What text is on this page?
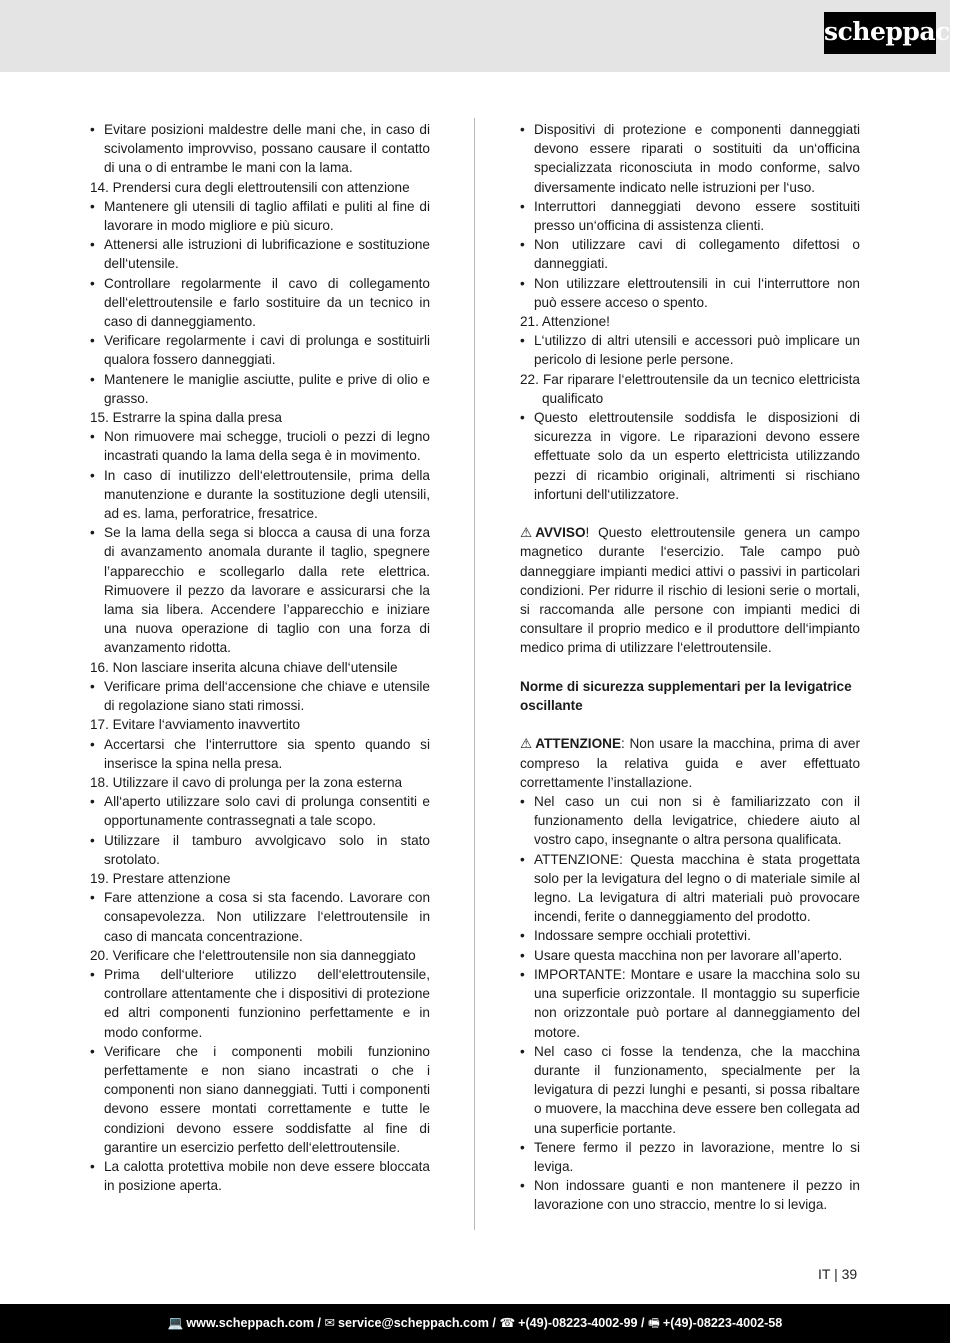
scheppach

• Evitare posizioni maldestre delle mani che, in caso di scivolamento improvviso, possano causare il contatto di una o di entrambe le mani con la lama.

14. Prendersi cura degli elettroutensili con attenzione

• Mantenere gli utensili di taglio affilati e puliti al fine di lavorare in modo migliore e più sicuro.

• Attenersi alle istruzioni di lubrificazione e sostituzione dell‘utensile.

• Controllare regolarmente il cavo di collegamento dell‘elettroutensile e farlo sostituire da un tecnico in caso di danneggiamento.

• Verificare regolarmente i cavi di prolunga e sostituirli qualora fossero danneggiati.

• Mantenere le maniglie asciutte, pulite e prive di olio e grasso.

15. Estrarre la spina dalla presa

• Non rimuovere mai schegge, trucioli o pezzi di legno incastrati quando la lama della sega è in movimento.

• In caso di inutilizzo dell‘elettroutensile, prima della manutenzione e durante la sostituzione degli utensili, ad es. lama, perforatrice, fresatrice.

• Se la lama della sega si blocca a causa di una forza di avanzamento anomala durante il taglio, spegnere l’apparecchio e scollegarlo dalla rete elettrica. Rimuovere il pezzo da lavorare e assicurarsi che la lama sia libera. Accendere l’apparecchio e iniziare una nuova operazione di taglio con una forza di avanzamento ridotta.

16. Non lasciare inserita alcuna chiave dell‘utensile

• Verificare prima dell‘accensione che chiave e utensile di regolazione siano stati rimossi.

17. Evitare l‘avviamento inavvertito

• Accertarsi che l‘interruttore sia spento quando si inserisce la spina nella presa.

18. Utilizzare il cavo di prolunga per la zona esterna

• All‘aperto utilizzare solo cavi di prolunga consentiti e opportunamente contrassegnati a tale scopo.

• Utilizzare il tamburo avvolgicavo solo in stato srotolato.

19. Prestare attenzione

• Fare attenzione a cosa si sta facendo. Lavorare con consapevolezza. Non utilizzare l‘elettroutensile in caso di mancata concentrazione.

20. Verificare che l‘elettroutensile non sia danneggiato

• Prima dell‘ulteriore utilizzo dell‘elettroutensile, controllare attentamente che i dispositivi di protezione ed altri componenti funzionino perfettamente e in modo conforme.

• Verificare che i componenti mobili funzionino perfettamente e non siano incastrati o che i componenti non siano danneggiati. Tutti i componenti devono essere montati correttamente e tutte le condizioni devono essere soddisfatte al fine di garantire un esercizio perfetto dell‘elettroutensile.

• La calotta protettiva mobile non deve essere bloccata in posizione aperta.

• Dispositivi di protezione e componenti danneggiati devono essere riparati o sostituiti da un‘officina specializzata riconosciuta in modo conforme, salvo diversamente indicato nelle istruzioni per l‘uso.

• Interruttori danneggiati devono essere sostituiti presso un‘officina di assistenza clienti.

• Non utilizzare cavi di collegamento difettosi o danneggiati.

• Non utilizzare elettroutensili in cui l‘interruttore non può essere acceso o spento.

21. Attenzione!

• L‘utilizzo di altri utensili e accessori può implicare un pericolo di lesione perle persone.

22. Far riparare l‘elettroutensile da un tecnico elettricista qualificato

• Questo elettroutensile soddisfa le disposizioni di sicurezza in vigore. Le riparazioni devono essere effettuate solo da un esperto elettricista utilizzando pezzi di ricambio originali, altrimenti si rischiano infortuni dell‘utilizzatore.

⚠ AVVISO! Questo elettroutensile genera un campo magnetico durante l‘esercizio. Tale campo può danneggiare impianti medici attivi o passivi in particolari condizioni. Per ridurre il rischio di lesioni serie o mortali, si raccomanda alle persone con impianti medici di consultare il proprio medico e il produttore dell‘impianto medico prima di utilizzare l‘elettroutensile.

Norme di sicurezza supplementari per la levigatrice oscillante

⚠ ATTENZIONE: Non usare la macchina, prima di aver compreso la relativa guida e aver effettuato correttamente l’installazione.

• Nel caso un cui non si è familiarizzato con il funzionamento della levigatrice, chiedere aiuto al vostro capo, insegnante o altra persona qualificata.

• ATTENZIONE: Questa macchina è stata progettata solo per la levigatura del legno o di materiale simile al legno. La levigatura di altri materiali può provocare incendi, ferite o danneggiamento del prodotto.

• Indossare sempre occhiali protettivi.

• Usare questa macchina non per lavorare all’aperto.

• IMPORTANTE: Montare e usare la macchina solo su una superficie orizzontale. Il montaggio su superficie non orizzontale può portare al danneggiamento del motore.

• Nel caso ci fosse la tendenza, che la macchina durante il funzionamento, specialmente per la levigatura di pezzi lunghi e pesanti, si possa ribaltare o muovere, la macchina deve essere ben collegata ad una superficie portante.

• Tenere fermo il pezzo in lavorazione, mentre lo si leviga.

• Non indossare guanti e non mantenere il pezzo in lavorazione con uno straccio, mentre lo si leviga.

IT | 39
💻 www.scheppach.com / ✉ service@scheppach.com / ☎ +(49)-08223-4002-99 / 🖷 +(49)-08223-4002-58
